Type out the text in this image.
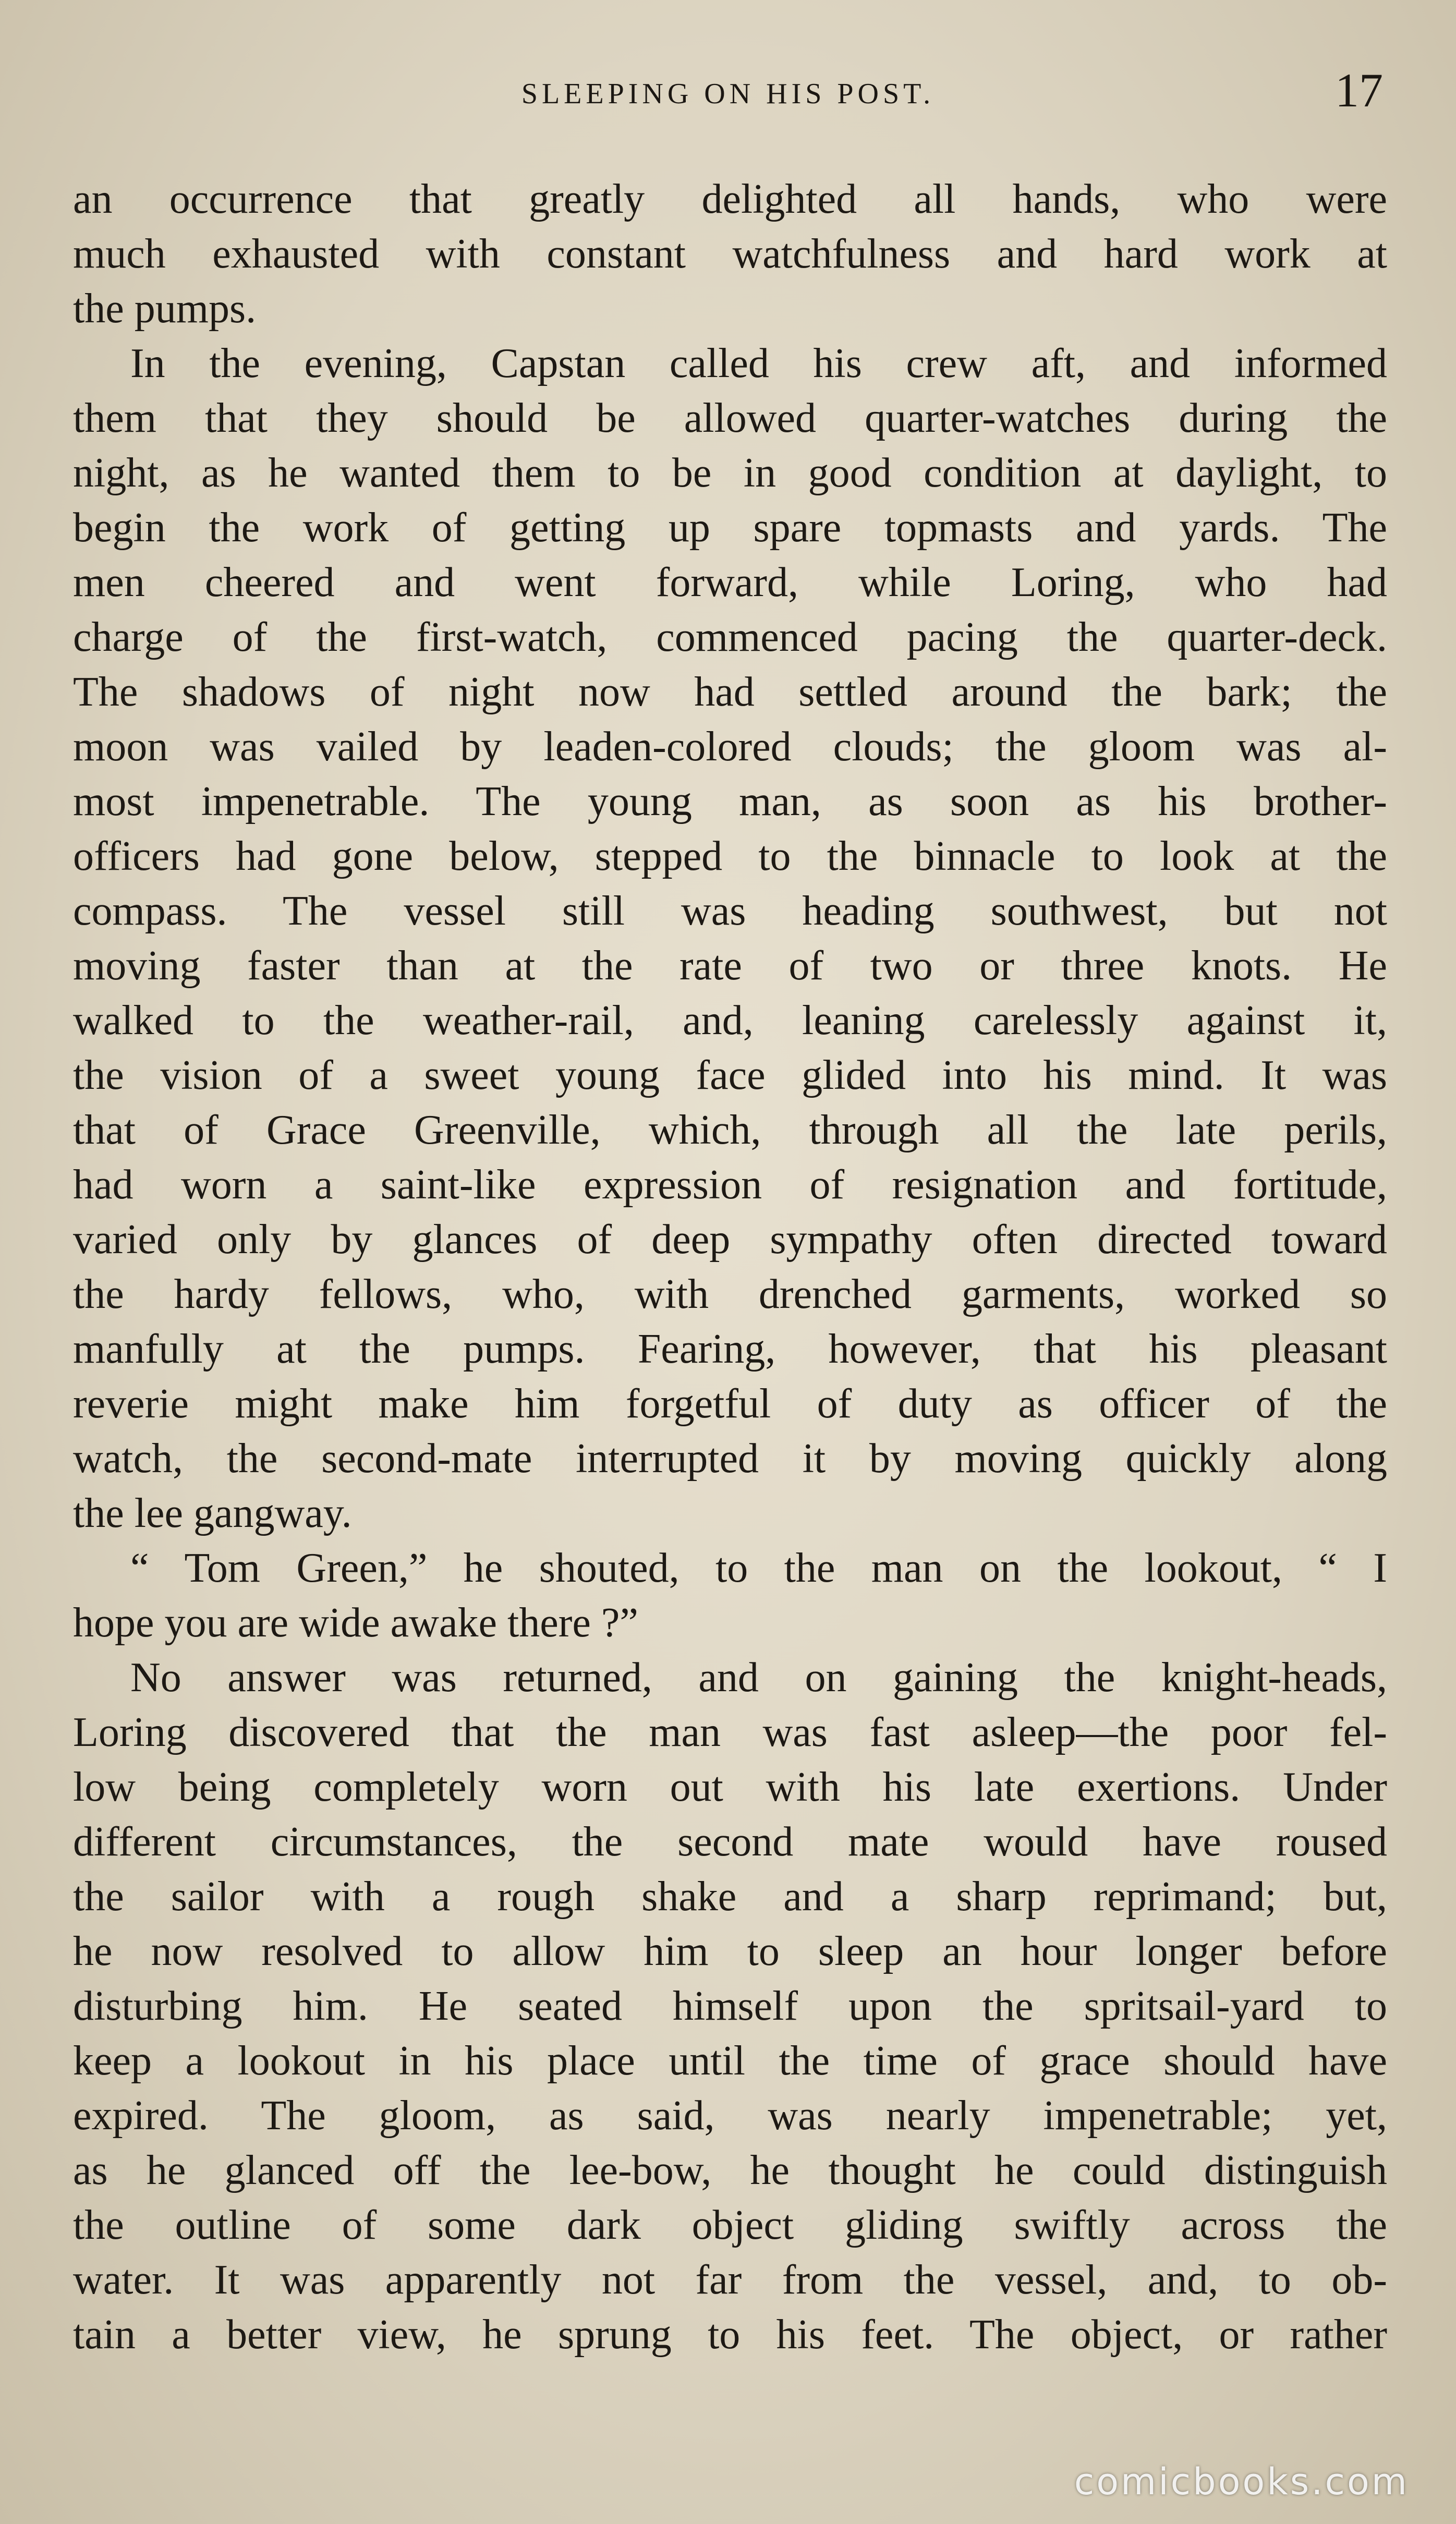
SLEEPING ON HIS POST.	17
an occurrence that greatly delighted all hands, who were
much exhausted with constant watchfulness and hard work at
the pumps.
In the evening, Capstan called his crew aft, and informed
them that they should be allowed quarter-watches during the
night, as he wanted them to be in good condition at daylight, to
begin the work of getting up spare topmasts and yards. The
men cheered and went forward, while Loring, who had
charge of the first-watch, commenced pacing the quarter-deck.
The shadows of night now had settled around the bark; the
moon was vailed by leaden-colored clouds; the gloom was al-
most impenetrable. The young man, as soon as his brother-
officers had gone below, stepped to the binnacle to look at the
compass. The vessel still was heading southwest, but not
moving faster than at the rate of two or three knots. He
walked to the weather-rail, and, leaning carelessly against it,
the vision of a sweet young face glided into his mind. It was
that of Grace Greenville, which, through all the late perils,
had worn a saint-like expression of resignation and fortitude,
varied only by glances of deep sympathy often directed toward
the hardy fellows, who, with drenched garments, worked so
manfully at the pumps. Fearing, however, that his pleasant
reverie might make him forgetful of duty as officer of the
watch, the second-mate interrupted it by moving quickly along
the lee gangway.
“ Tom Green,” he shouted, to the man on the lookout, “ I
hope you are wide awake there ?”
No answer was returned, and on gaining the knight-heads,
Loring discovered that the man was fast asleep—the poor fel-
low being completely worn out with his late exertions. Under
different circumstances, the second mate would have roused
the sailor with a rough shake and a sharp reprimand; but,
he now resolved to allow him to sleep an hour longer before
disturbing him. He seated himself upon the spritsail-yard to
keep a lookout in his place until the time of grace should have
expired. The gloom, as said, was nearly impenetrable; yet,
as he glanced off the lee-bow, he thought he could distinguish
the outline of some dark object gliding swiftly across the
water. It was apparently not far from the vessel, and, to ob-
tain a better view, he sprung to his feet. The object, or rather
comicbooks.com
